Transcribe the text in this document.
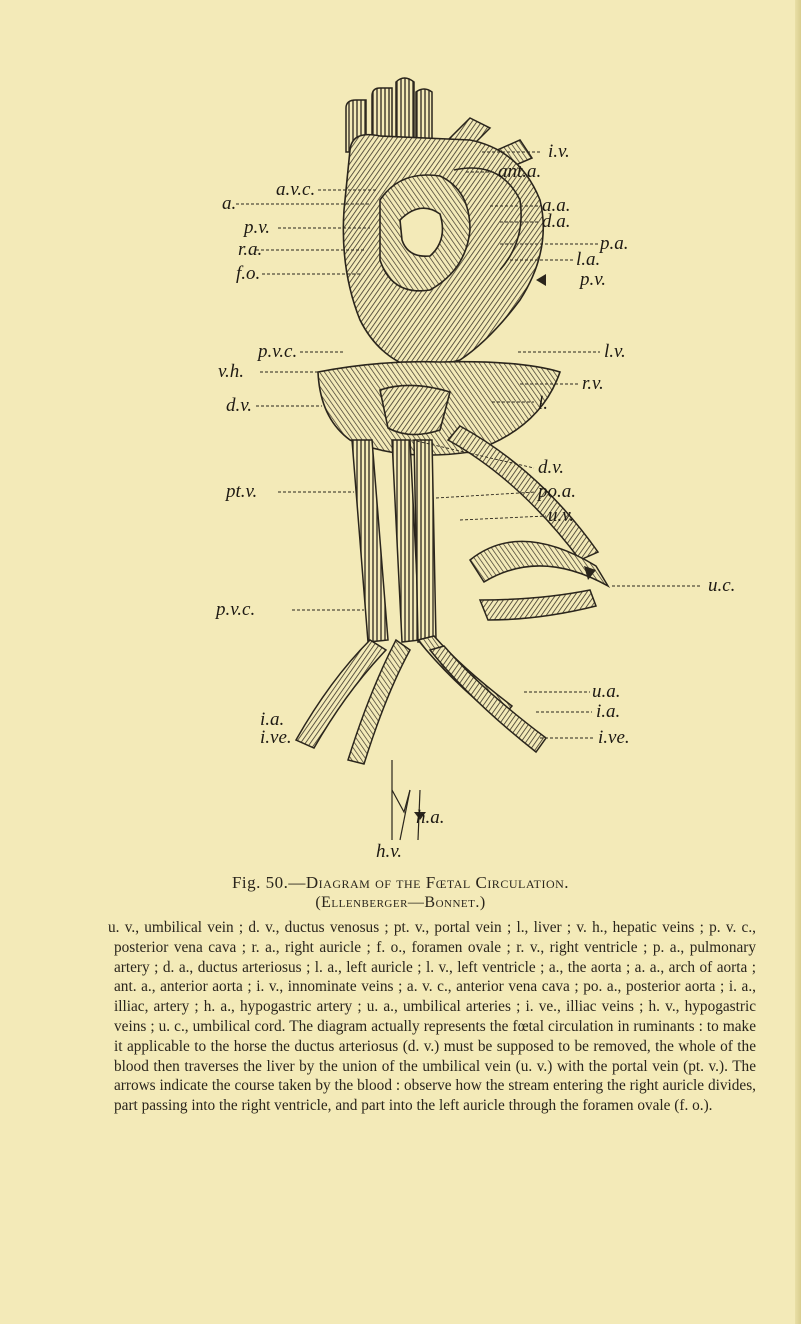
i.v.
ant.a.
a.v.c.
a.	a.a.
d.a.
p.v.
p.a.
r.a.	l.a.
f.o.	p.v.
p.v.c.	l.v.
v.h.
r.v.
d.v.	l.
d.v.
pt.v.	po.a.
u.v.
u.c.
p.v.c.
u.a.
i.a.	i.a.
i.ve.	i.ve.
h.a.
h.v.
Fig. 50.—Diagram of the Fœtal Circulation.
(Ellenberger—Bonnet.)
u. v., umbilical vein ; d. v., ductus venosus ; pt. v., portal vein ; l., liver ; v. h., hepatic veins ; p. v. c., posterior vena cava ; r. a., right auricle ; f. o., foramen ovale ; r. v., right ventricle ; p. a., pulmonary artery ; d. a., ductus arteriosus ; l. a., left auricle ; l. v., left ventricle ; a., the aorta ; a. a., arch of aorta ; ant. a., anterior aorta ; i. v., innominate veins ; a. v. c., anterior vena cava ; po. a., posterior aorta ; i. a., illiac, artery ; h. a., hypogastric artery ; u. a., umbilical arteries ; i. ve., illiac veins ; h. v., hypogastric veins ; u. c., umbilical cord. The diagram actually represents the fœtal circulation in ruminants : to make it applicable to the horse the ductus arteriosus (d. v.) must be supposed to be removed, the whole of the blood then traverses the liver by the union of the umbilical vein (u. v.) with the portal vein (pt. v.). The arrows indicate the course taken by the blood : observe how the stream entering the right auricle divides, part passing into the right ventricle, and part into the left auricle through the foramen ovale (f. o.).
